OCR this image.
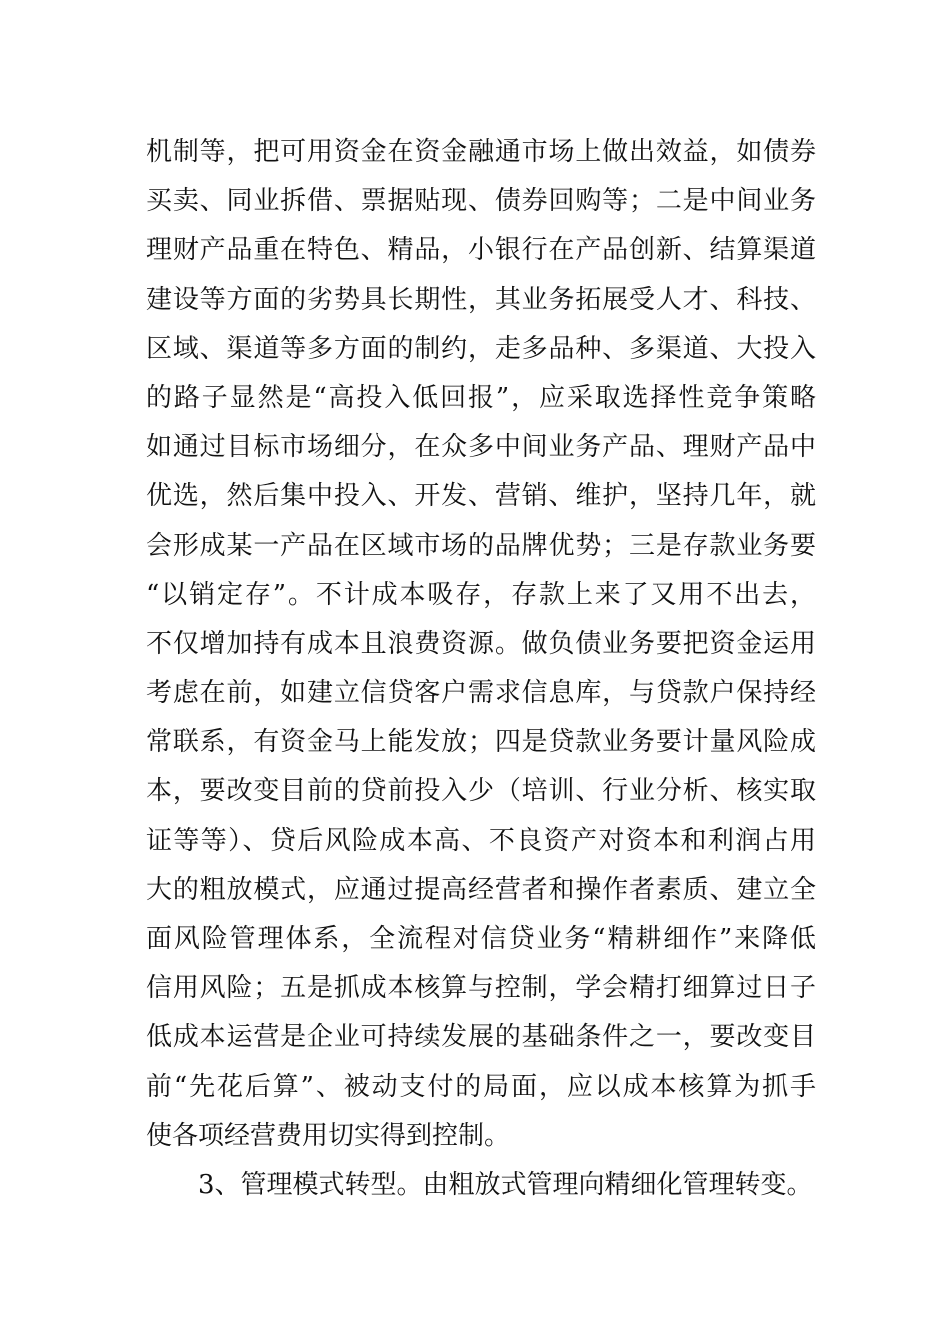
机制等，把可用资金在资金融通市场上做出效益，如债券
买卖、同业拆借、票据贴现、债券回购等；二是中间业务
理财产品重在特色、精品，小银行在产品创新、结算渠道
建设等方面的劣势具长期性，其业务拓展受人才、科技、
区域、渠道等多方面的制约，走多品种、多渠道、大投入
的路子显然是“高投入低回报”，应采取选择性竞争策略
如通过目标市场细分，在众多中间业务产品、理财产品中
优选，然后集中投入、开发、营销、维护，坚持几年，就
会形成某一产品在区域市场的品牌优势；三是存款业务要
“以销定存”。不计成本吸存，存款上来了又用不出去，
不仅增加持有成本且浪费资源。做负债业务要把资金运用
考虑在前，如建立信贷客户需求信息库，与贷款户保持经
常联系，有资金马上能发放；四是贷款业务要计量风险成
本，要改变目前的贷前投入少（培训、行业分析、核实取
证等等）、贷后风险成本高、不良资产对资本和利润占用
大的粗放模式，应通过提高经营者和操作者素质、建立全
面风险管理体系，全流程对信贷业务“精耕细作”来降低
信用风险；五是抓成本核算与控制，学会精打细算过日子
低成本运营是企业可持续发展的基础条件之一，要改变目
前“先花后算”、被动支付的局面，应以成本核算为抓手
使各项经营费用切实得到控制。
3、管理模式转型。由粗放式管理向精细化管理转变。
